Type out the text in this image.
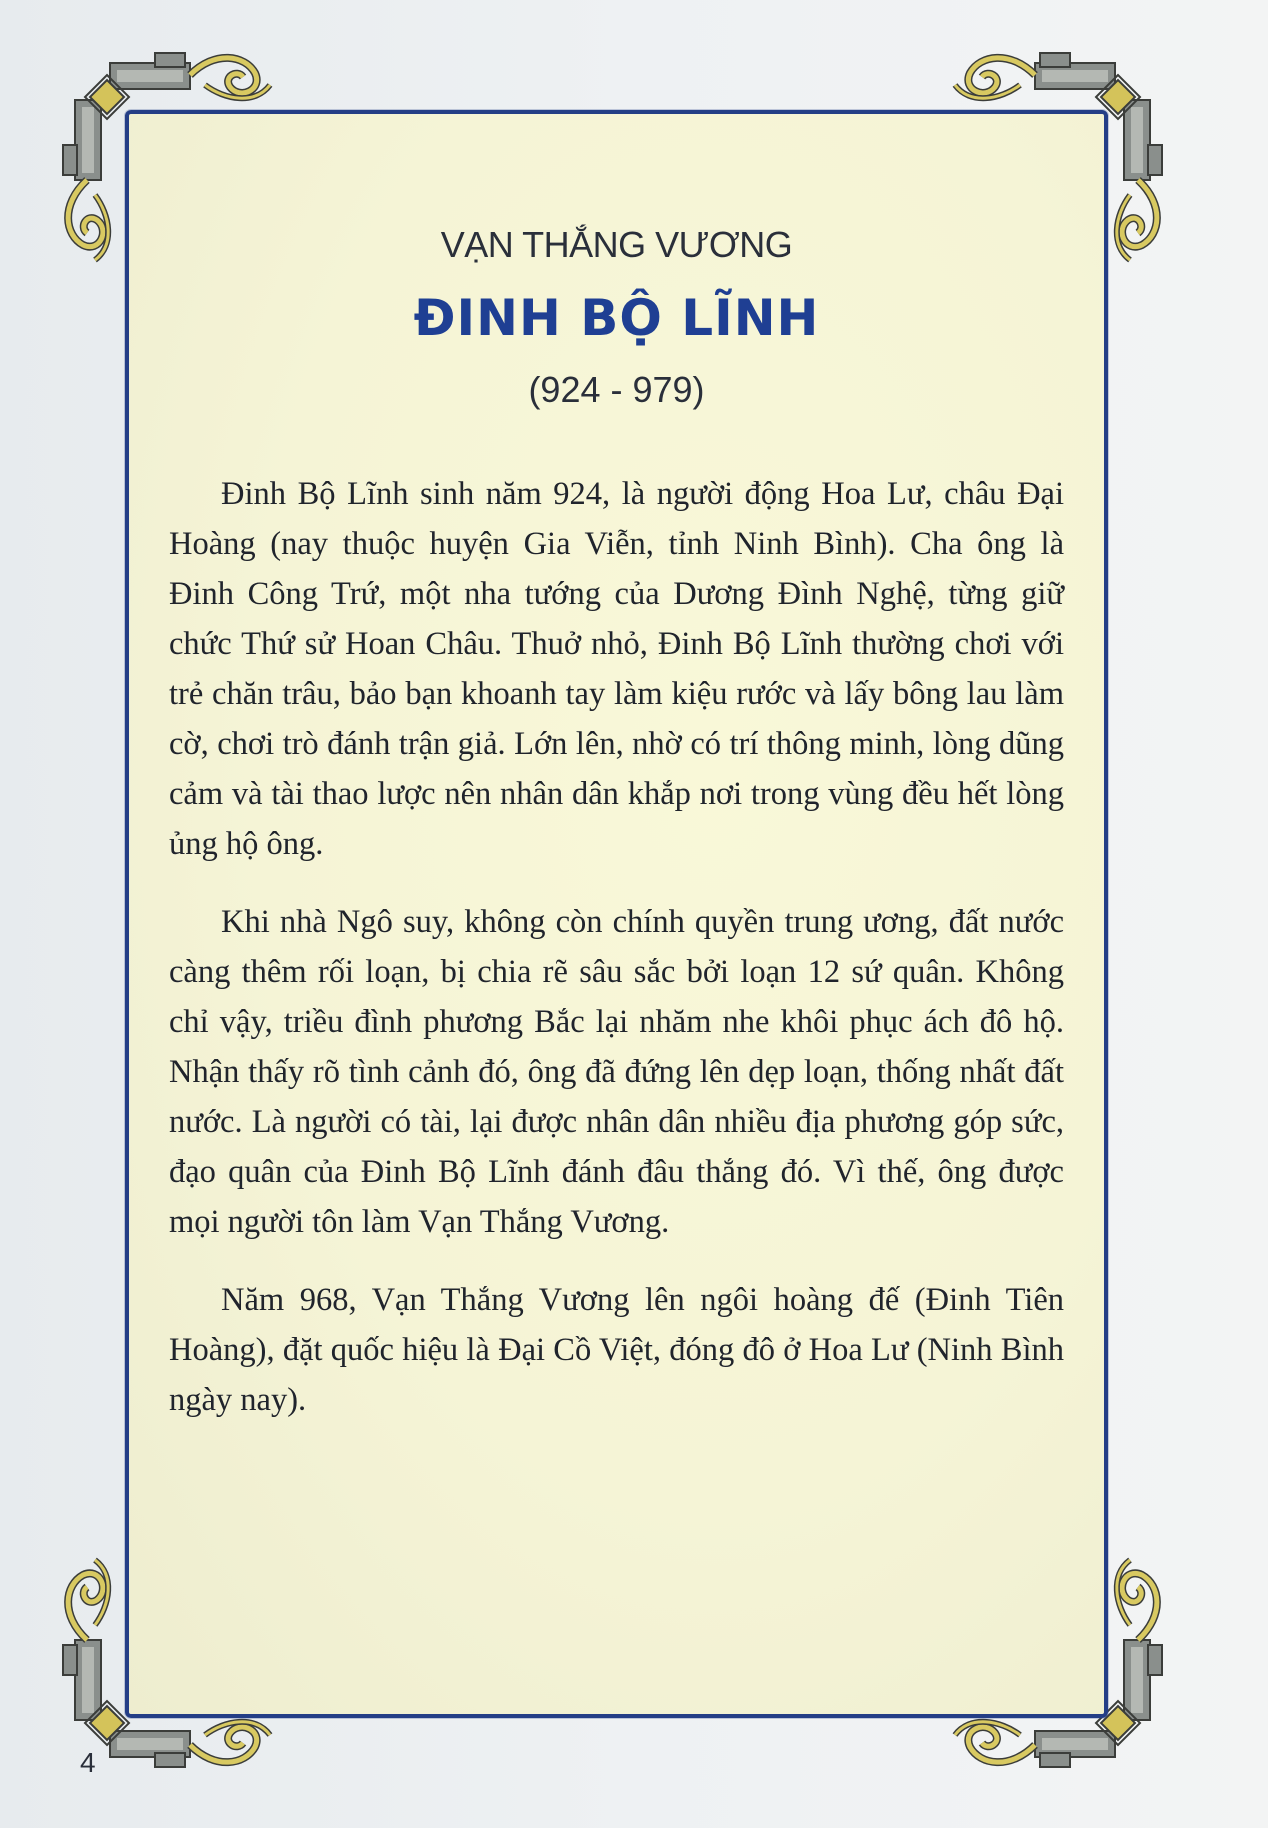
VẠN THẮNG VƯƠNG
ĐINH BỘ LĨNH
(924 - 979)

Đinh Bộ Lĩnh sinh năm 924, là người động Hoa Lư, châu Đại Hoàng (nay thuộc huyện Gia Viễn, tỉnh Ninh Bình). Cha ông là Đinh Công Trứ, một nha tướng của Dương Đình Nghệ, từng giữ chức Thứ sử Hoan Châu. Thuở nhỏ, Đinh Bộ Lĩnh thường chơi với trẻ chăn trâu, bảo bạn khoanh tay làm kiệu rước và lấy bông lau làm cờ, chơi trò đánh trận giả. Lớn lên, nhờ có trí thông minh, lòng dũng cảm và tài thao lược nên nhân dân khắp nơi trong vùng đều hết lòng ủng hộ ông.

Khi nhà Ngô suy, không còn chính quyền trung ương, đất nước càng thêm rối loạn, bị chia rẽ sâu sắc bởi loạn 12 sứ quân. Không chỉ vậy, triều đình phương Bắc lại nhăm nhe khôi phục ách đô hộ. Nhận thấy rõ tình cảnh đó, ông đã đứng lên dẹp loạn, thống nhất đất nước. Là người có tài, lại được nhân dân nhiều địa phương góp sức, đạo quân của Đinh Bộ Lĩnh đánh đâu thắng đó. Vì thế, ông được mọi người tôn làm Vạn Thắng Vương.

Năm 968, Vạn Thắng Vương lên ngôi hoàng đế (Đinh Tiên Hoàng), đặt quốc hiệu là Đại Cồ Việt, đóng đô ở Hoa Lư (Ninh Bình ngày nay).

4
